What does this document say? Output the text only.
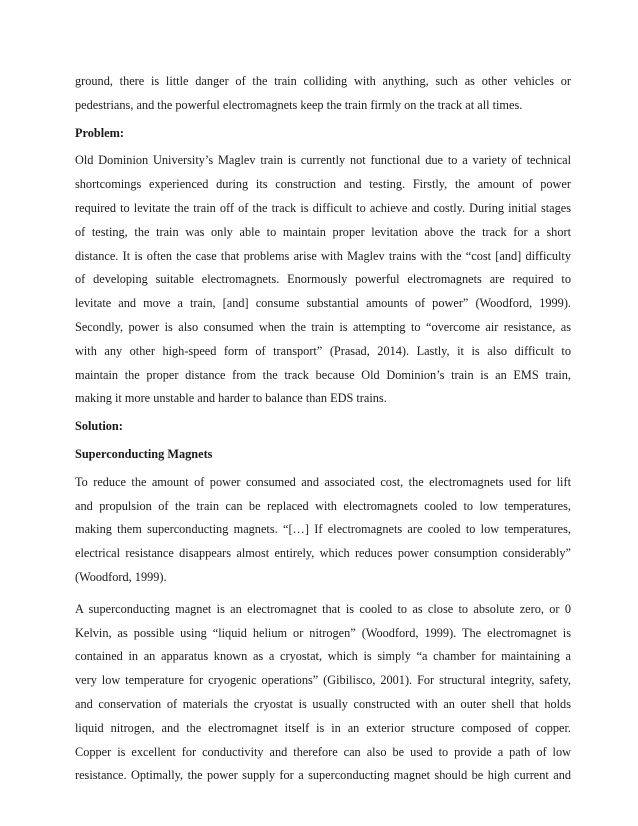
ground, there is little danger of the train colliding with anything, such as other vehicles or
pedestrians, and the powerful electromagnets keep the train firmly on the track at all times.
Problem:
Old Dominion University’s Maglev train is currently not functional due to a variety of technical
shortcomings experienced during its construction and testing. Firstly, the amount of power
required to levitate the train off of the track is difficult to achieve and costly. During initial stages
of testing, the train was only able to maintain proper levitation above the track for a short
distance. It is often the case that problems arise with Maglev trains with the “cost [and] difficulty
of developing suitable electromagnets. Enormously powerful electromagnets are required to
levitate and move a train, [and] consume substantial amounts of power” (Woodford, 1999).
Secondly, power is also consumed when the train is attempting to “overcome air resistance, as
with any other high-speed form of transport” (Prasad, 2014). Lastly, it is also difficult to
maintain the proper distance from the track because Old Dominion’s train is an EMS train,
making it more unstable and harder to balance than EDS trains.
Solution:
Superconducting Magnets
To reduce the amount of power consumed and associated cost, the electromagnets used for lift
and propulsion of the train can be replaced with electromagnets cooled to low temperatures,
making them superconducting magnets. “[…] If electromagnets are cooled to low temperatures,
electrical resistance disappears almost entirely, which reduces power consumption considerably”
(Woodford, 1999).
A superconducting magnet is an electromagnet that is cooled to as close to absolute zero, or 0
Kelvin, as possible using “liquid helium or nitrogen” (Woodford, 1999). The electromagnet is
contained in an apparatus known as a cryostat, which is simply “a chamber for maintaining a
very low temperature for cryogenic operations” (Gibilisco, 2001). For structural integrity, safety,
and conservation of materials the cryostat is usually constructed with an outer shell that holds
liquid nitrogen, and the electromagnet itself is in an exterior structure composed of copper.
Copper is excellent for conductivity and therefore can also be used to provide a path of low
resistance. Optimally, the power supply for a superconducting magnet should be high current and
